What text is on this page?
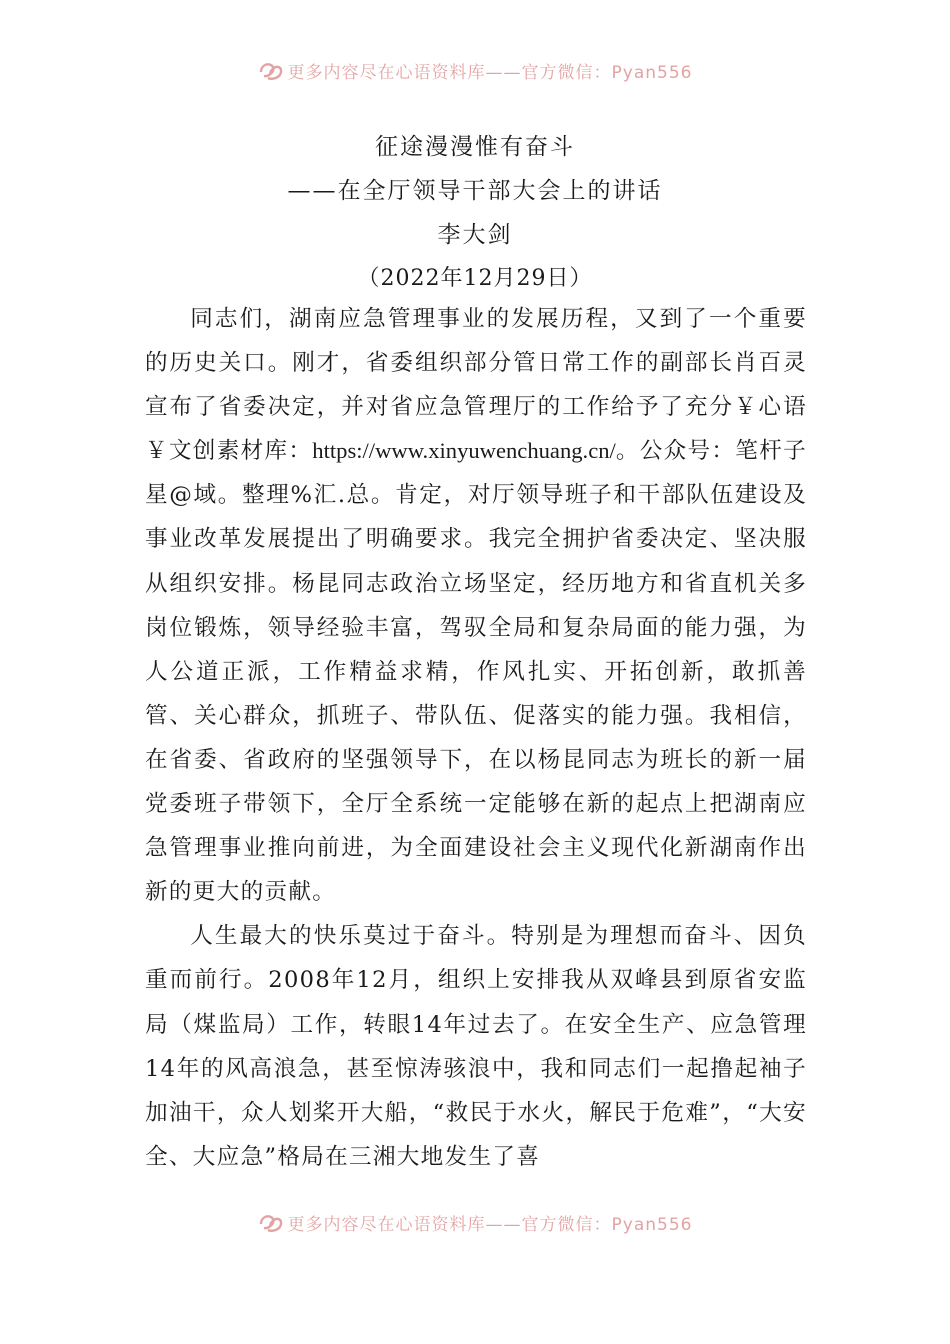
更多内容尽在心语资料库——官方微信：Pyan556
征途漫漫惟有奋斗
——在全厅领导干部大会上的讲话
李大剑
（2022年12月29日）

同志们，湖南应急管理事业的发展历程，又到了一个重要的历史关口。刚才，省委组织部分管日常工作的副部长肖百灵宣布了省委决定，并对省应急管理厅的工作给予了充分￥心语￥文创素材库：https://www.xinyuwenchuang.cn/。公众号：笔杆子星@域。整理%汇.总。肯定，对厅领导班子和干部队伍建设及事业改革发展提出了明确要求。我完全拥护省委决定、坚决服从组织安排。杨昆同志政治立场坚定，经历地方和省直机关多岗位锻炼，领导经验丰富，驾驭全局和复杂局面的能力强，为人公道正派，工作精益求精，作风扎实、开拓创新，敢抓善管、关心群众，抓班子、带队伍、促落实的能力强。我相信，在省委、省政府的坚强领导下，在以杨昆同志为班长的新一届党委班子带领下，全厅全系统一定能够在新的起点上把湖南应急管理事业推向前进，为全面建设社会主义现代化新湖南作出新的更大的贡献。

人生最大的快乐莫过于奋斗。特别是为理想而奋斗、因负重而前行。2008年12月，组织上安排我从双峰县到原省安监局（煤监局）工作，转眼14年过去了。在安全生产、应急管理14年的风高浪急，甚至惊涛骇浪中，我和同志们一起撸起袖子加油干，众人划桨开大船，“救民于水火，解民于危难”，“大安全、大应急”格局在三湘大地发生了喜

更多内容尽在心语资料库——官方微信：Pyan556
